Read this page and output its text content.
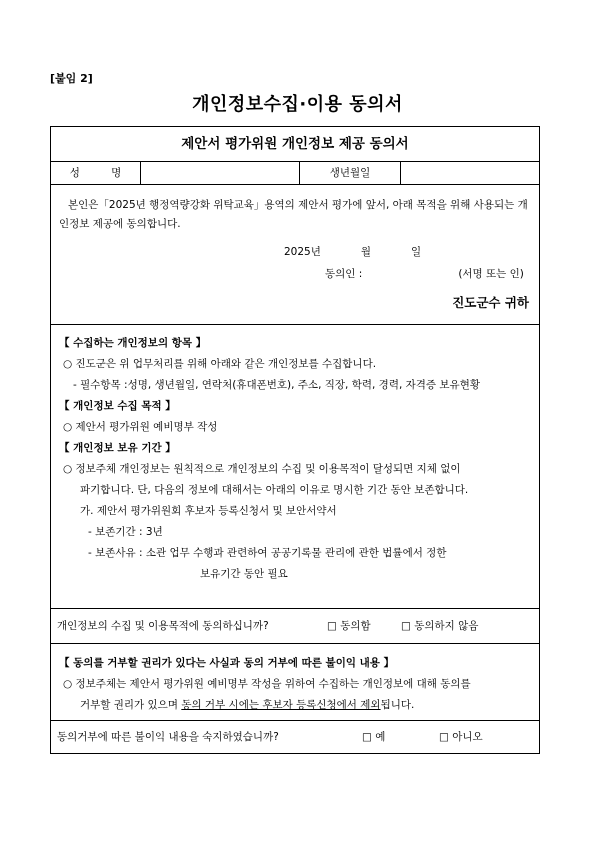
[붙임 2]
개인정보수집·이용 동의서
제안서 평가위원 개인정보 제공 동의서
성 명	생년월일
본인은「2025년 행정역량강화 위탁교육」용역의 제안서 평가에 앞서, 아래 목적을 위해 사용되는 개인정보 제공에 동의합니다.
2025년	월	일
동의인 :	(서명 또는 인)
진도군수 귀하
【 수집하는 개인정보의 항목 】
○ 진도군은 위 업무처리를 위해 아래와 같은 개인정보를 수집합니다.
- 필수항목 :성명, 생년월일, 연락처(휴대폰번호), 주소, 직장, 학력, 경력, 자격증 보유현황
【 개인정보 수집 목적 】
○ 제안서 평가위원 예비명부 작성
【 개인정보 보유 기간 】
○ 정보주체 개인정보는 원칙적으로 개인정보의 수집 및 이용목적이 달성되면 지체 없이
파기합니다. 단, 다음의 정보에 대해서는 아래의 이유로 명시한 기간 동안 보존합니다.
가. 제안서 평가위원회 후보자 등록신청서 및 보안서약서
- 보존기간 : 3년
- 보존사유 : 소관 업무 수행과 관련하여 공공기록물 관리에 관한 법률에서 정한
보유기간 동안 필요
개인정보의 수집 및 이용목적에 동의하십니까?	□ 동의함	□ 동의하지 않음
【 동의를 거부할 권리가 있다는 사실과 동의 거부에 따른 불이익 내용 】
○ 정보주체는 제안서 평가위원 예비명부 작성을 위하여 수집하는 개인정보에 대해 동의를
거부할 권리가 있으며 동의 거부 시에는 후보자 등록신청에서 제외됩니다.
동의거부에 따른 불이익 내용을 숙지하였습니까?	□ 예	□ 아니오
